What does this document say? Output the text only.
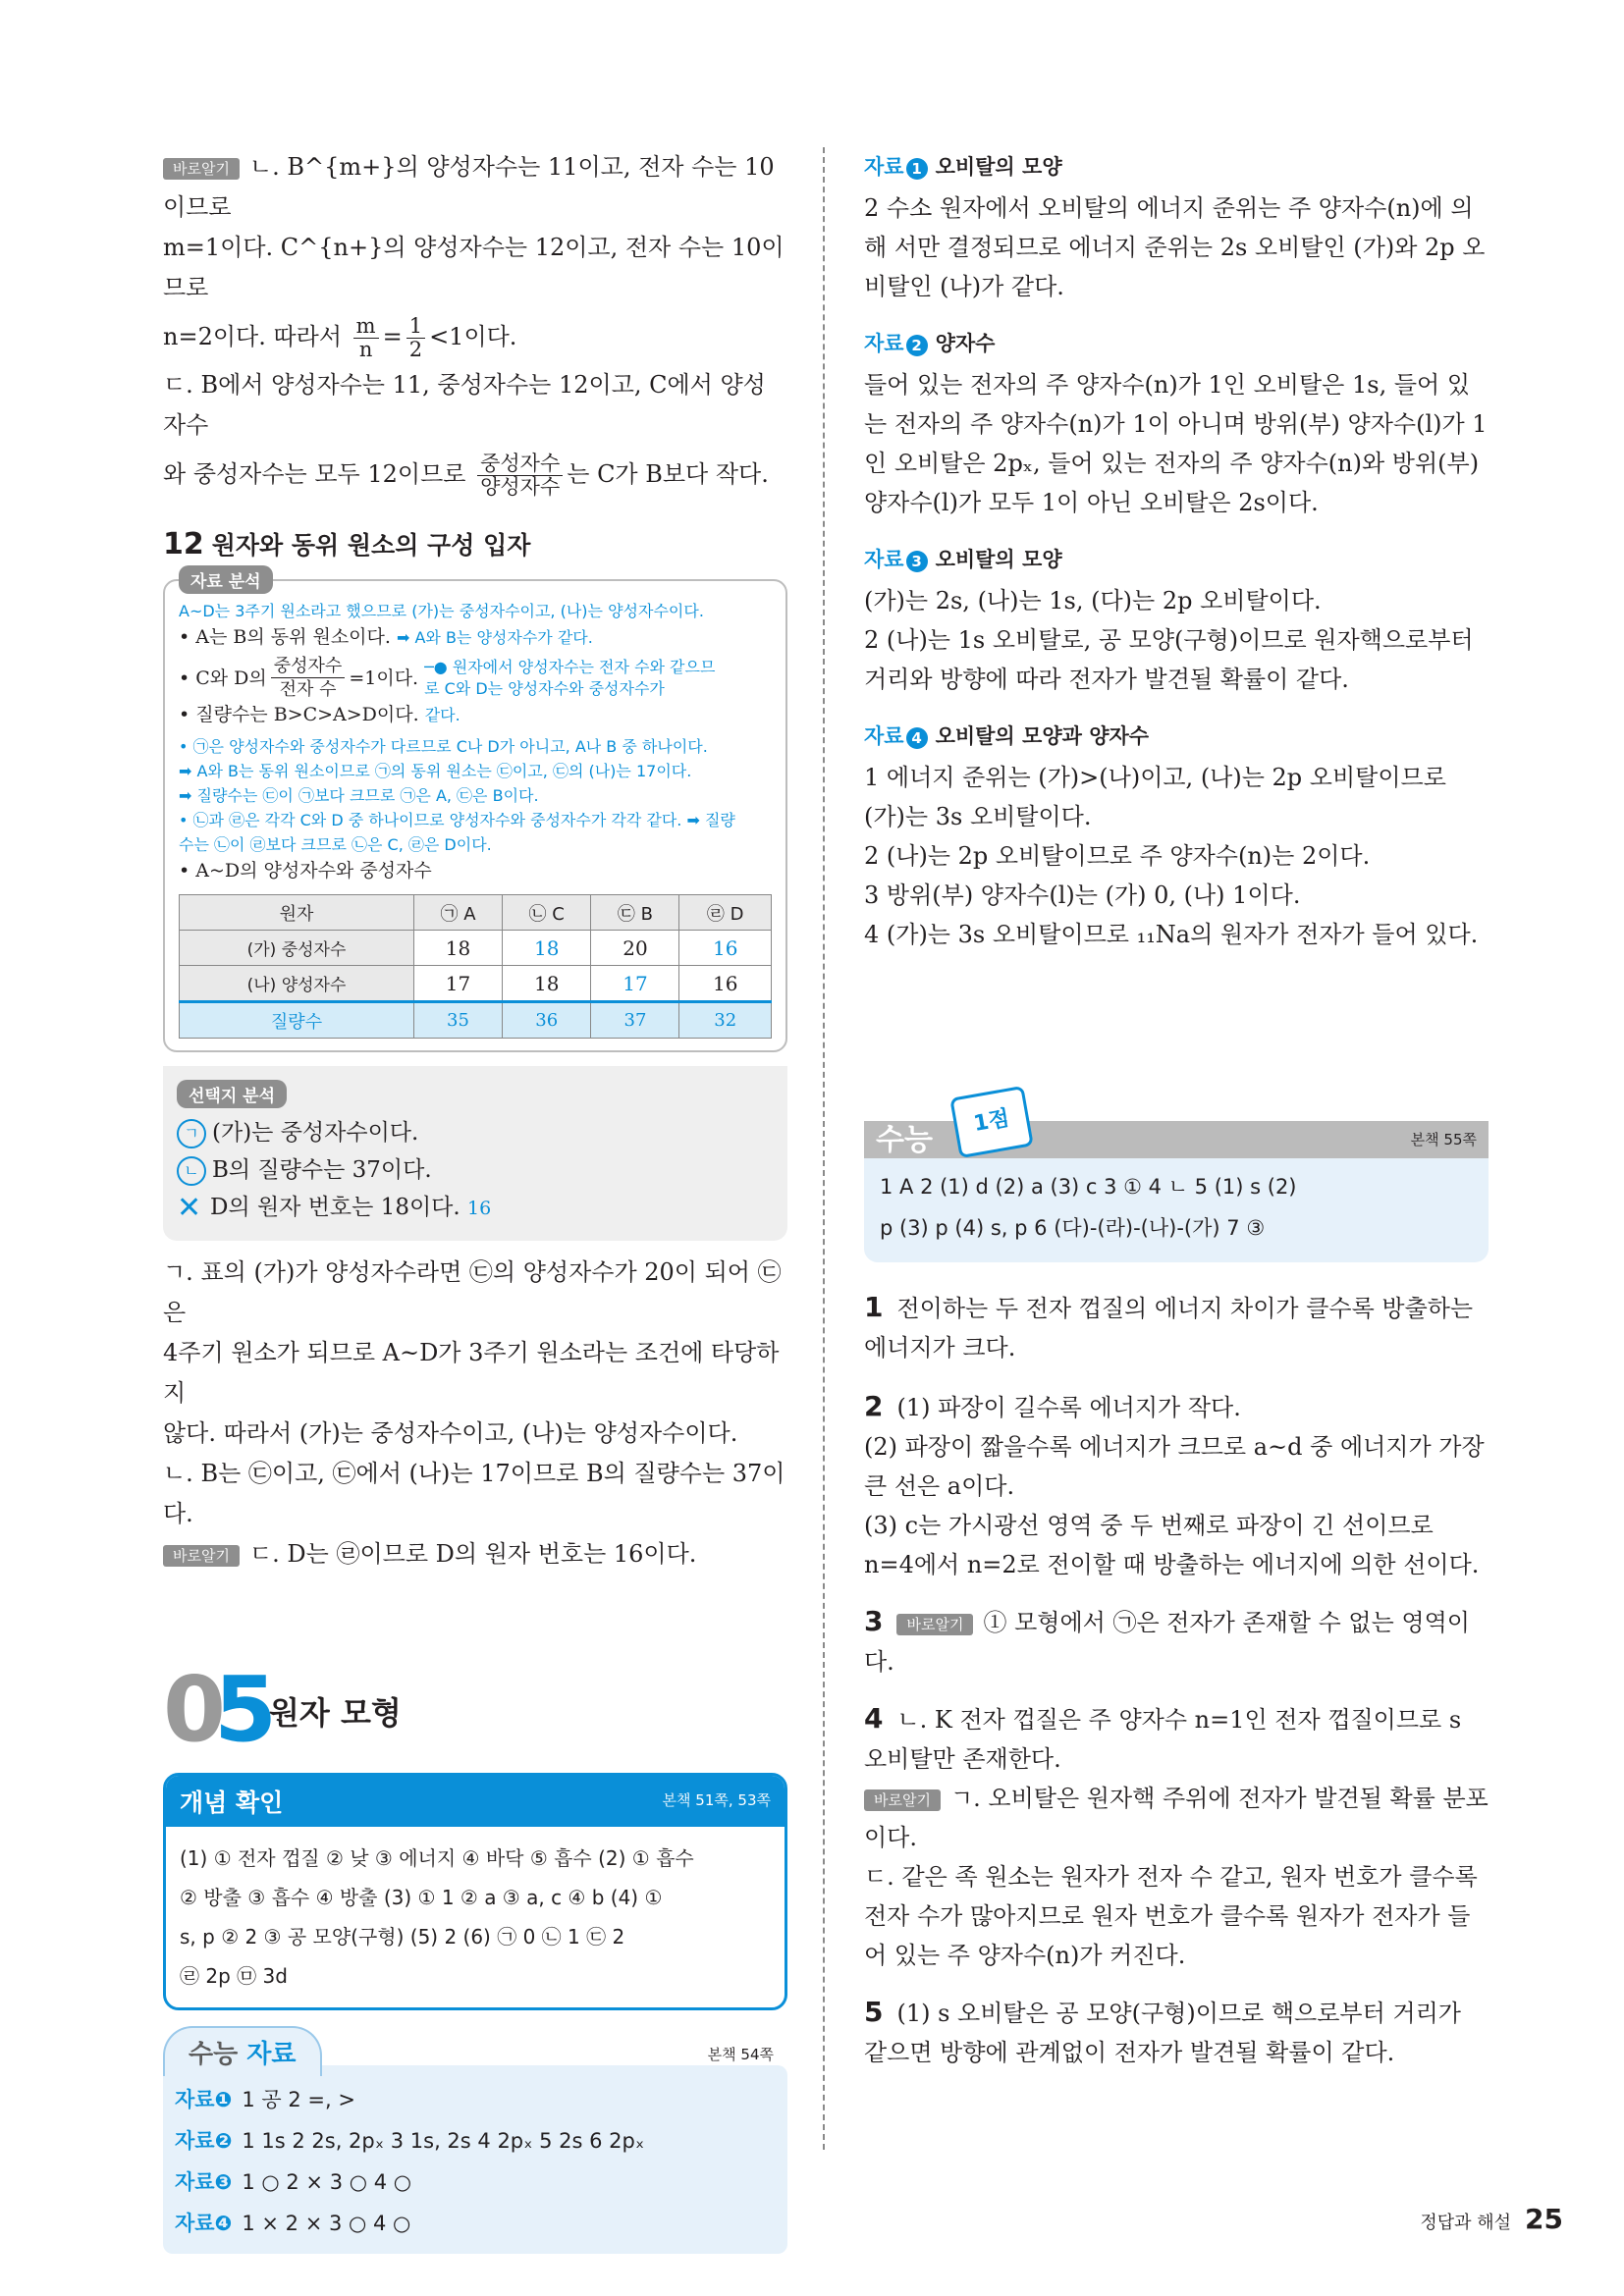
바로알기 ㄴ. B^{m+}의 양성자수는 11이고, 전자 수는 10이므로

m=1이다. C^{n+}의 양성자수는 12이고, 전자 수는 10이므로

n=2이다. 따라서 $\frac{m}{n} = \frac{1}{2} <1$이다.

ㄷ. B에서 양성자수는 11, 중성자수는 12이고, C에서 양성자수

와 중성자수는 모두 12이므로 $\frac{\text{중성자수}}{\text{양성자수}}$ 는 C가 B보다 작다.

12 원자와 동위 원소의 구성 입자
자료 분석
A~D는 3주기 원소라고 했으므로 (가)는 중성자수이고, (나)는 양성자수이다.
• A는 B의 동위 원소이다. ➡ A와 B는 양성자수가 같다.
• C와 D의 $\frac{\text{중성자수}}{\text{전자 수}} =1$이다.
─● 원자에서 양성자수는 전자 수와 같으므
로 C와 D는 양성자수와 중성자수가
• 질량수는 B>C>A>D이다. 같다.
• ㉠은 양성자수와 중성자수가 다르므로 C나 D가 아니고, A나 B 중 하나이다.
➡ A와 B는 동위 원소이므로 ㉠의 동위 원소는 ㉢이고, ㉢의 (나)는 17이다.
➡ 질량수는 ㉢이 ㉠보다 크므로 ㉠은 A, ㉢은 B이다.
• ㉡과 ㉣은 각각 C와 D 중 하나이므로 양성자수와 중성자수가 각각 같다. ➡ 질량
수는 ㉡이 ㉣보다 크므로 ㉡은 C, ㉣은 D이다.
• A~D의 양성자수와 중성자수
원자	㉠ A	㉡ C	㉢ B	㉣ D
(가) 중성자수	18	18	20	16
(나) 양성자수	17	18	17	16
질량수	35	36	37	32
선택지 분석
ㄱ (가)는 중성자수이다.
ㄴ B의 질량수는 37이다.
✕ D의 원자 번호는 18이다. 16

ㄱ. 표의 (가)가 양성자수라면 ㉢의 양성자수가 20이 되어 ㉢은

4주기 원소가 되므로 A~D가 3주기 원소라는 조건에 타당하지

않다. 따라서 (가)는 중성자수이고, (나)는 양성자수이다.

ㄴ. B는 ㉢이고, ㉢에서 (나)는 17이므로 B의 질량수는 37이다.

바로알기 ㄷ. D는 ㉣이므로 D의 원자 번호는 16이다.

05
원자 모형
개념 확인	본책 51쪽, 53쪽
(1) ① 전자 껍질 ② 낮 ③ 에너지 ④ 바닥 ⑤ 흡수 (2) ① 흡수
② 방출 ③ 흡수 ④ 방출 (3) ① 1 ② a ③ a, c ④ b (4) ①
s, p ② 2 ③ 공 모양(구형) (5) 2 (6) ㉠ 0 ㉡ 1 ㉢ 2
㉣ 2p ㉤ 3d
수능 자료	본책 54쪽
자료❶ 1 공 2 =, >
자료❷ 1 1s 2 2s, 2pₓ 3 1s, 2s 4 2pₓ 5 2s 6 2pₓ
자료❸ 1 ○ 2 × 3 ○ 4 ○
자료❹ 1 × 2 × 3 ○ 4 ○
자료 1 오비탈의 모양

2 수소 원자에서 오비탈의 에너지 준위는 주 양자수(n)에 의해 서만 결정되므로 에너지 준위는 2s 오비탈인 (가)와 2p 오비탈인 (나)가 같다.

자료 2 양자수

들어 있는 전자의 주 양자수(n)가 1인 오비탈은 1s, 들어 있는 전자의 주 양자수(n)가 1이 아니며 방위(부) 양자수(l)가 1인 오비탈은 2pₓ, 들어 있는 전자의 주 양자수(n)와 방위(부) 양자수(l)가 모두 1이 아닌 오비탈은 2s이다.

자료 3 오비탈의 모양

(가)는 2s, (나)는 1s, (다)는 2p 오비탈이다.

2 (나)는 1s 오비탈로, 공 모양(구형)이므로 원자핵으로부터 거리와 방향에 따라 전자가 발견될 확률이 같다.

자료 4 오비탈의 모양과 양자수

1 에너지 준위는 (가)>(나)이고, (나)는 2p 오비탈이므로 (가)는 3s 오비탈이다.

2 (나)는 2p 오비탈이므로 주 양자수(n)는 2이다.

3 방위(부) 양자수(l)는 (가) 0, (나) 1이다.

4 (가)는 3s 오비탈이므로 ₁₁Na의 원자가 전자가 들어 있다.

수능
1점
본책 55쪽
1 A 2 (1) d (2) a (3) c 3 ① 4 ㄴ 5 (1) s (2)
p (3) p (4) s, p 6 (다)-(라)-(나)-(가) 7 ③

1 전이하는 두 전자 껍질의 에너지 차이가 클수록 방출하는 에너지가 크다.

2 (1) 파장이 길수록 에너지가 작다.

(2) 파장이 짧을수록 에너지가 크므로 a~d 중 에너지가 가장 큰 선은 a이다.

(3) c는 가시광선 영역 중 두 번째로 파장이 긴 선이므로 n=4에서 n=2로 전이할 때 방출하는 에너지에 의한 선이다.

3 바로알기 ① 모형에서 ㉠은 전자가 존재할 수 없는 영역이다.

4 ㄴ. K 전자 껍질은 주 양자수 n=1인 전자 껍질이므로 s 오비탈만 존재한다.

바로알기 ㄱ. 오비탈은 원자핵 주위에 전자가 발견될 확률 분포이다.

ㄷ. 같은 족 원소는 원자가 전자 수 같고, 원자 번호가 클수록 전자 수가 많아지므로 원자 번호가 클수록 원자가 전자가 들어 있는 주 양자수(n)가 커진다.

5 (1) s 오비탈은 공 모양(구형)이므로 핵으로부터 거리가 같으면 방향에 관계없이 전자가 발견될 확률이 같다.

정답과 해설 25
